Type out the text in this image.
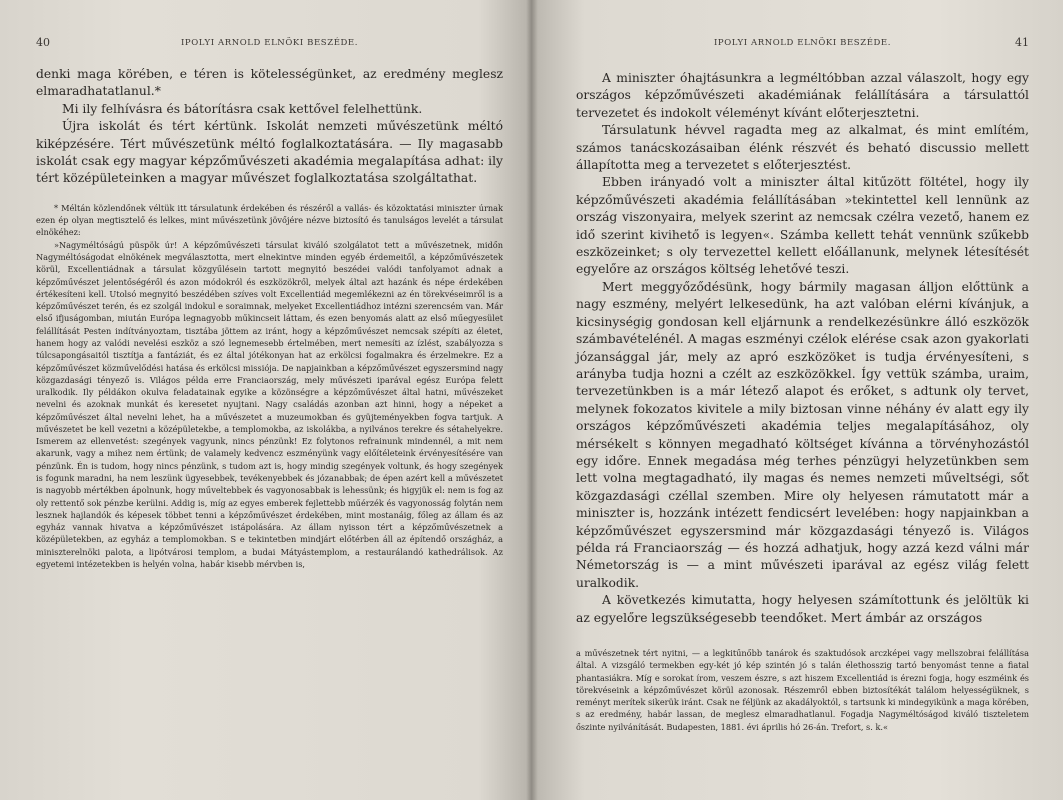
40	IPOLYI ARNOLD ELNÖKI BESZÉDE.

denki maga körében, e téren is kötelességünket, az eredmény meglesz elmaradhatatlanul.*

Mi ily felhívásra és bátorításra csak kettővel felelhettünk.

Újra iskolát és tért kértünk. Iskolát nemzeti művészetünk méltó kiképzésére. Tért művészetünk méltó foglalkoztatására. — Ily magasabb iskolát csak egy magyar képzőművészeti akadémia megalapítása adhat: ily tért középületeinken a magyar művészet foglalkoztatása szolgáltathat.

* Méltán közlendőnek véltük itt társulatunk érdekében és részéről a vallás- és közoktatási miniszter úrnak ezen ép olyan megtisztelő és lelkes, mint művészetünk jövőjére nézve biztosító és tanulságos levelét a társulat elnökéhez:

»Nagyméltóságú püspök úr! A képzőművészeti társulat kiváló szolgálatot tett a művészetnek, midőn Nagyméltóságodat elnökének megválasztotta, mert elnekintve minden egyéb érdemeitől, a képzőművészetek körül, Excellentiádnak a társulat közgyűlésein tartott megnyitó beszédei valódi tanfolyamot adnak a képzőművészet jelentőségéről és azon módokról és eszközökről, melyek által azt hazánk és népe érdekében értékesíteni kell. Utolsó megnyitó beszédében szíves volt Excellentiád megemlékezni az én törekvéseimről is a képzőművészet terén, és ez szolgál indokul e soraimnak, melyeket Excellentiádhoz intézni szerencsém van. Már első ifjuságomban, miután Európa legnagyobb műkincseit láttam, és ezen benyomás alatt az első műegyesület felállítását Pesten indítványoztam, tisztába jöttem az iránt, hogy a képzőművészet nemcsak szépíti az életet, hanem hogy az valódi nevelési eszköz a szó legnemesebb értelmében, mert nemesíti az ízlést, szabályozza s túlcsapongásaitól tisztítja a fantáziát, és ez által jótékonyan hat az erkölcsi fogalmakra és érzelmekre. Ez a képzőművészet közművelődési hatása és erkölcsi missiója. De napjainkban a képzőművészet egyszersmind nagy közgazdasági tényező is. Világos példa erre Franciaország, mely művészeti iparával egész Európa felett uralkodik. Ily példákon okulva feladatainak egyike a közönségre a képzőművészet által hatni, művészeket nevelni és azoknak munkát és keresetet nyujtani. Nagy családás azonban azt hinni, hogy a népeket a képzőművészet által nevelni lehet, ha a művészetet a muzeumokban és gyüjteményekben fogva tartjuk. A művészetet be kell vezetni a középületekbe, a templomokba, az iskolákba, a nyilvános terekre és sétahelyekre. Ismerem az ellenvetést: szegények vagyunk, nincs pénzünk! Ez folytonos refrainunk mindennél, a mit nem akarunk, vagy a mihez nem értünk; de valamely kedvencz eszményünk vagy előítéleteink érvényesítésére van pénzünk. Én is tudom, hogy nincs pénzünk, s tudom azt is, hogy mindig szegények voltunk, és hogy szegények is fogunk maradni, ha nem leszünk ügyesebbek, tevékenyebbek és józanabbak; de épen azért kell a művészetet is nagyobb mértékben ápolnunk, hogy műveltebbek és vagyonosabbak is lehessünk; és higyjük el: nem is fog az oly rettentő sok pénzbe kerülni. Addig is, míg az egyes emberek fejlettebb műérzék és vagyonosság folytán nem lesznek hajlandók és képesek többet tenni a képzőművészet érdekében, mint mostanáig, főleg az állam és az egyház vannak hivatva a képzőművészet istápolására. Az állam nyisson tért a képzőművészetnek a középületekben, az egyház a templomokban. S e tekintetben mindjárt előtérben áll az építendő országház, a miniszterelnöki palota, a lipótvárosi templom, a budai Mátyástemplom, a restaurálandó kathedrálisok. Az egyetemi intézetekben is helyén volna, habár kisebb mérvben is,

IPOLYI ARNOLD ELNÖKI BESZÉDE.	41

A miniszter óhajtásunkra a legméltóbban azzal válaszolt, hogy egy országos képzőművészeti akadémiának felállítására a társulattól tervezetet és indokolt véleményt kívánt előterjesztetni.

Társulatunk hévvel ragadta meg az alkalmat, és mint említém, számos tanácskozásaiban élénk részvét és beható discussio mellett állapította meg a tervezetet s előterjesztést.

Ebben irányadó volt a miniszter által kitűzött föltétel, hogy ily képzőművészeti akadémia felállításában »tekintettel kell lennünk az ország viszonyaira, melyek szerint az nemcsak czélra vezető, hanem ez idő szerint kivihető is legyen«. Számba kellett tehát vennünk szűkebb eszközeinket; s oly tervezettel kellett előállanunk, melynek létesítését egyelőre az országos költség lehetővé teszi.

Mert meggyőződésünk, hogy bármily magasan álljon előttünk a nagy eszmény, melyért lelkesedünk, ha azt valóban elérni kívánjuk, a kicsinységig gondosan kell eljárnunk a rendelkezésünkre álló eszközök számbavételénél. A magas eszményi czélok elérése csak azon gyakorlati józansággal jár, mely az apró eszközöket is tudja érvényesíteni, s arányba tudja hozni a czélt az eszközökkel. Így vettük számba, uraim, tervezetünkben is a már létező alapot és erőket, s adtunk oly tervet, melynek fokozatos kivitele a mily biztosan vinne néhány év alatt egy ily országos képzőművészeti akadémia teljes megalapításához, oly mérsékelt s könnyen megadható költséget kívánna a törvényhozástól egy időre. Ennek megadása még terhes pénzügyi helyzetünkben sem lett volna megtagadható, ily magas és nemes nemzeti műveltségi, sőt közgazdasági czéllal szemben. Mire oly helyesen rámutatott már a miniszter is, hozzánk intézett fendicsért levelében: hogy napjainkban a képzőművészet egyszersmind már közgazdasági tényező is. Világos példa rá Franciaország — és hozzá adhatjuk, hogy azzá kezd válni már Németország is — a mint művészeti iparával az egész világ felett uralkodik.

A következés kimutatta, hogy helyesen számítottunk és jelöltük ki az egyelőre legszükségesebb teendőket. Mert ámbár az országos

a művészetnek tért nyitni, — a legkitűnőbb tanárok és szaktudósok arczképei vagy mellszobrai felállítása által. A vizsgáló termekben egy-két jó kép szintén jó s talán élethosszig tartó benyomást tenne a fiatal phantasiákra. Míg e sorokat írom, veszem észre, s azt hiszem Excellentiád is érezni fogja, hogy eszméink és törekvéseink a képzőművészet körül azonosak. Részemről ebben biztosítékát találom helyességüknek, s reményt merítek sikerük iránt. Csak ne féljünk az akadályoktól, s tartsunk ki mindegyikünk a maga körében, s az eredmény, habár lassan, de meglesz elmaradhatlanul. Fogadja Nagyméltóságod kiváló tiszteletem őszinte nyilvánítását. Budapesten, 1881. évi április hó 26-án. Trefort, s. k.«
